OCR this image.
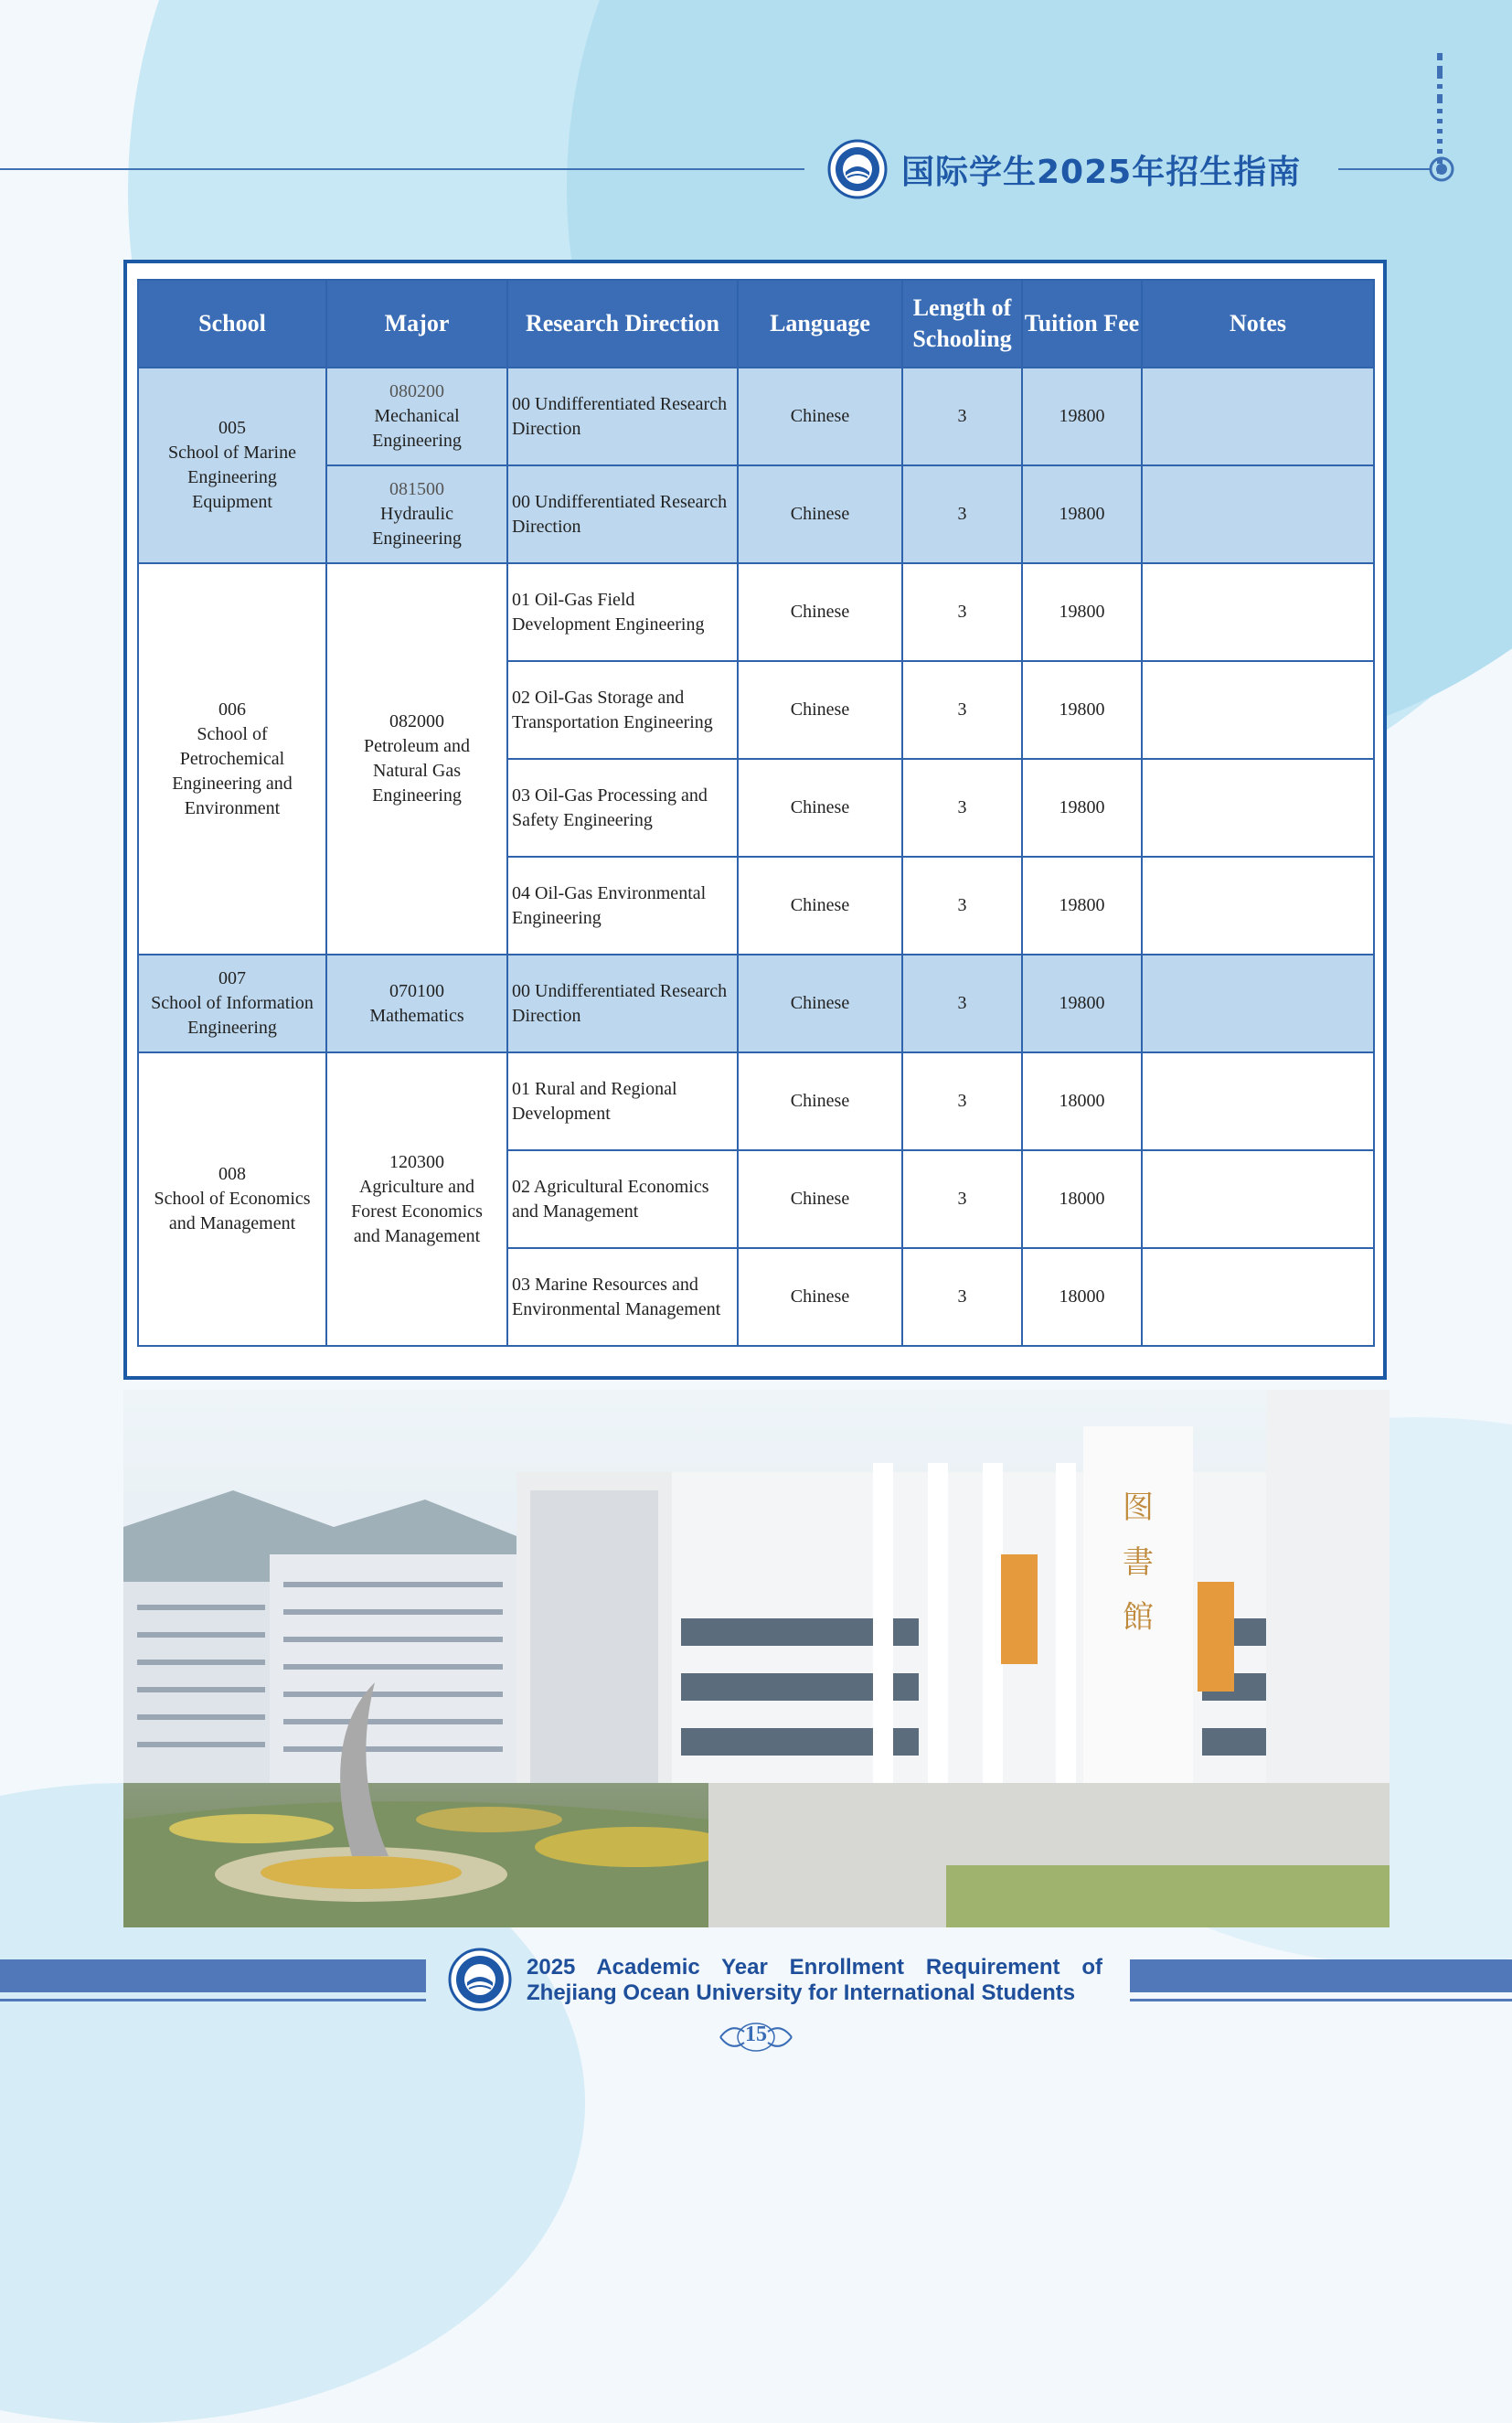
国际学生2025年招生指南
School	Major	Research Direction	Language	Length of Schooling	Tuition Fee	Notes

005
School of Marine
Engineering
Equipment	080200
Mechanical
Engineering	00 Undifferentiated Research Direction	Chinese	3	19800	

	081500
Hydraulic
Engineering	00 Undifferentiated Research Direction	Chinese	3	19800	

006
School of
Petrochemical
Engineering and
Environment	082000
Petroleum and
Natural Gas
Engineering	01 Oil-Gas Field Development Engineering	Chinese	3	19800	
		02 Oil-Gas Storage and Transportation Engineering	Chinese	3	19800	
		03 Oil-Gas Processing and Safety Engineering	Chinese	3	19800	
		04 Oil-Gas Environmental Engineering	Chinese	3	19800	

007
School of Information
Engineering	070100
Mathematics	00 Undifferentiated Research Direction	Chinese	3	19800	

008
School of Economics
and Management	120300
Agriculture and
Forest Economics
and Management	01 Rural and Regional Development	Chinese	3	18000	
		02 Agricultural Economics and Management	Chinese	3	18000	
		03 Marine Resources and Environmental Management	Chinese	3	18000	
图
書
館
2025 Academic Year Enrollment Requirement of
Zhejiang Ocean University for International Students
15
